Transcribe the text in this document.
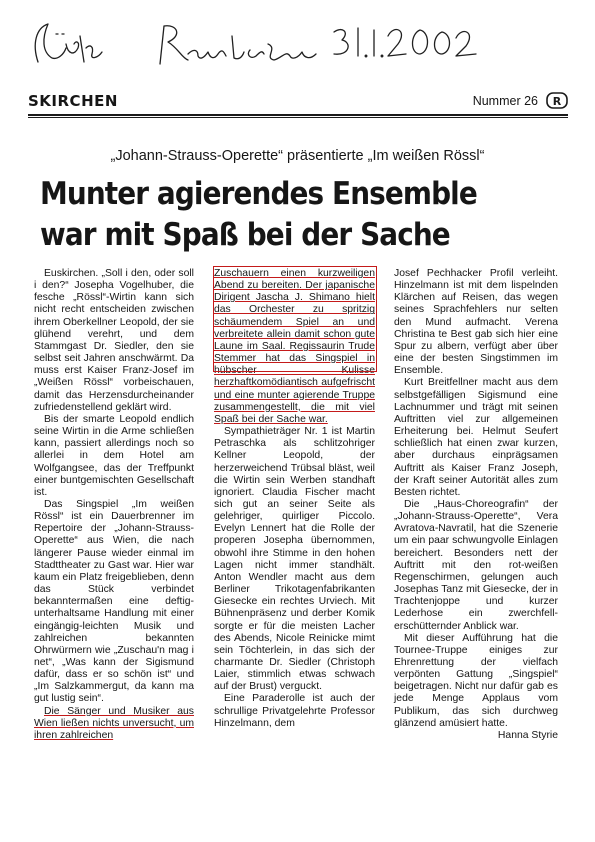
SKIRCHEN	Nummer 26 R
„Johann-Strauss-Operette“ präsentierte „Im weißen Rössl“
Munter agierendes Ensemble
war mit Spaß bei der Sache

Euskirchen. „Soll i den, oder soll i den?“ Josepha Vogelhuber, die fesche „Rössl“-Wirtin kann sich nicht recht entscheiden zwischen ihrem Oberkellner Leopold, der sie glühend verehrt, und dem Stammgast Dr. Siedler, den sie selbst seit Jahren anschwärmt. Da muss erst Kaiser Franz-Josef im „Weißen Rössl“ vorbeischauen, damit das Herzensdurcheinander zufriedenstellend geklärt wird.

Bis der smarte Leopold endlich seine Wirtin in die Arme schließen kann, passiert allerdings noch so allerlei in dem Hotel am Wolfgangsee, das der Treffpunkt einer buntgemischten Gesellschaft ist.

Das Singspiel „Im weißen Rössl“ ist ein Dauerbrenner im Repertoire der „Johann-Strauss-Operette“ aus Wien, die nach längerer Pause wieder einmal im Stadttheater zu Gast war. Hier war kaum ein Platz freigeblieben, denn das Stück verbindet bekanntermaßen eine deftig-unterhaltsame Handlung mit einer eingängig-leichten Musik und zahlreichen bekannten Ohrwürmern wie „Zuschau'n mag i net“, „Was kann der Sigismund dafür, dass er so schön ist“ und „Im Salzkammergut, da kann ma gut lustig sein“.

Die Sänger und Musiker aus Wien ließen nichts unversucht, um ihren zahlreichen

Zuschauern einen kurzweiligen Abend zu bereiten. Der japanische Dirigent Jascha J. Shimano hielt das Orchester zu spritzig schäumendem Spiel an und verbreitete allein damit schon gute Laune im Saal. Regissaurin Trude Stemmer hat das Singspiel in hübscher Kulisse herzhaftkomödiantisch aufgefrischt und eine munter agierende Truppe zusammengestellt, die mit viel Spaß bei der Sache war.

Sympathieträger Nr. 1 ist Martin Petraschka als schlitzohriger Kellner Leopold, der herzerweichend Trübsal bläst, weil die Wirtin sein Werben standhaft ignoriert. Claudia Fischer macht sich gut an seiner Seite als gelehriger, quirliger Piccolo. Evelyn Lennert hat die Rolle der properen Josepha übernommen, obwohl ihre Stimme in den hohen Lagen nicht immer standhält. Anton Wendler macht aus dem Berliner Trikotagenfabrikanten Giesecke ein rechtes Urviech. Mit Bühnenpräsenz und derber Komik sorgte er für die meisten Lacher des Abends, Nicole Reinicke mimt sein Töchterlein, in das sich der charmante Dr. Siedler (Christoph Laier, stimmlich etwas schwach auf der Brust) verguckt.

Eine Paraderolle ist auch der schrullige Privatgelehrte Professor Hinzelmann, dem

Josef Pechhacker Profil verleiht. Hinzelmann ist mit dem lispelnden Klärchen auf Reisen, das wegen seines Sprachfehlers nur selten den Mund aufmacht. Verena Christina te Best gab sich hier eine Spur zu albern, verfügt aber über eine der besten Singstimmen im Ensemble.

Kurt Breitfellner macht aus dem selbstgefälligen Sigismund eine Lachnummer und trägt mit seinen Auftritten viel zur allgemeinen Erheiterung bei. Helmut Seufert schließlich hat einen zwar kurzen, aber durchaus einprägsamen Auftritt als Kaiser Franz Joseph, der Kraft seiner Autorität alles zum Besten richtet.

Die „Haus-Choreografin“ der „Johann-Strauss-Operette“, Vera Avratova-Navratil, hat die Szenerie um ein paar schwungvolle Einlagen bereichert. Besonders nett der Auftritt mit den rot-weißen Regenschirmen, gelungen auch Josephas Tanz mit Giesecke, der in Trachtenjoppe und kurzer Lederhose ein zwerchfell-erschütternder Anblick war.

Mit dieser Aufführung hat die Tournee-Truppe einiges zur Ehrenrettung der vielfach verpönten Gattung „Singspiel“ beigetragen. Nicht nur dafür gab es jede Menge Applaus vom Publikum, das sich durchweg glänzend amüsiert hatte.

Hanna Styrie
